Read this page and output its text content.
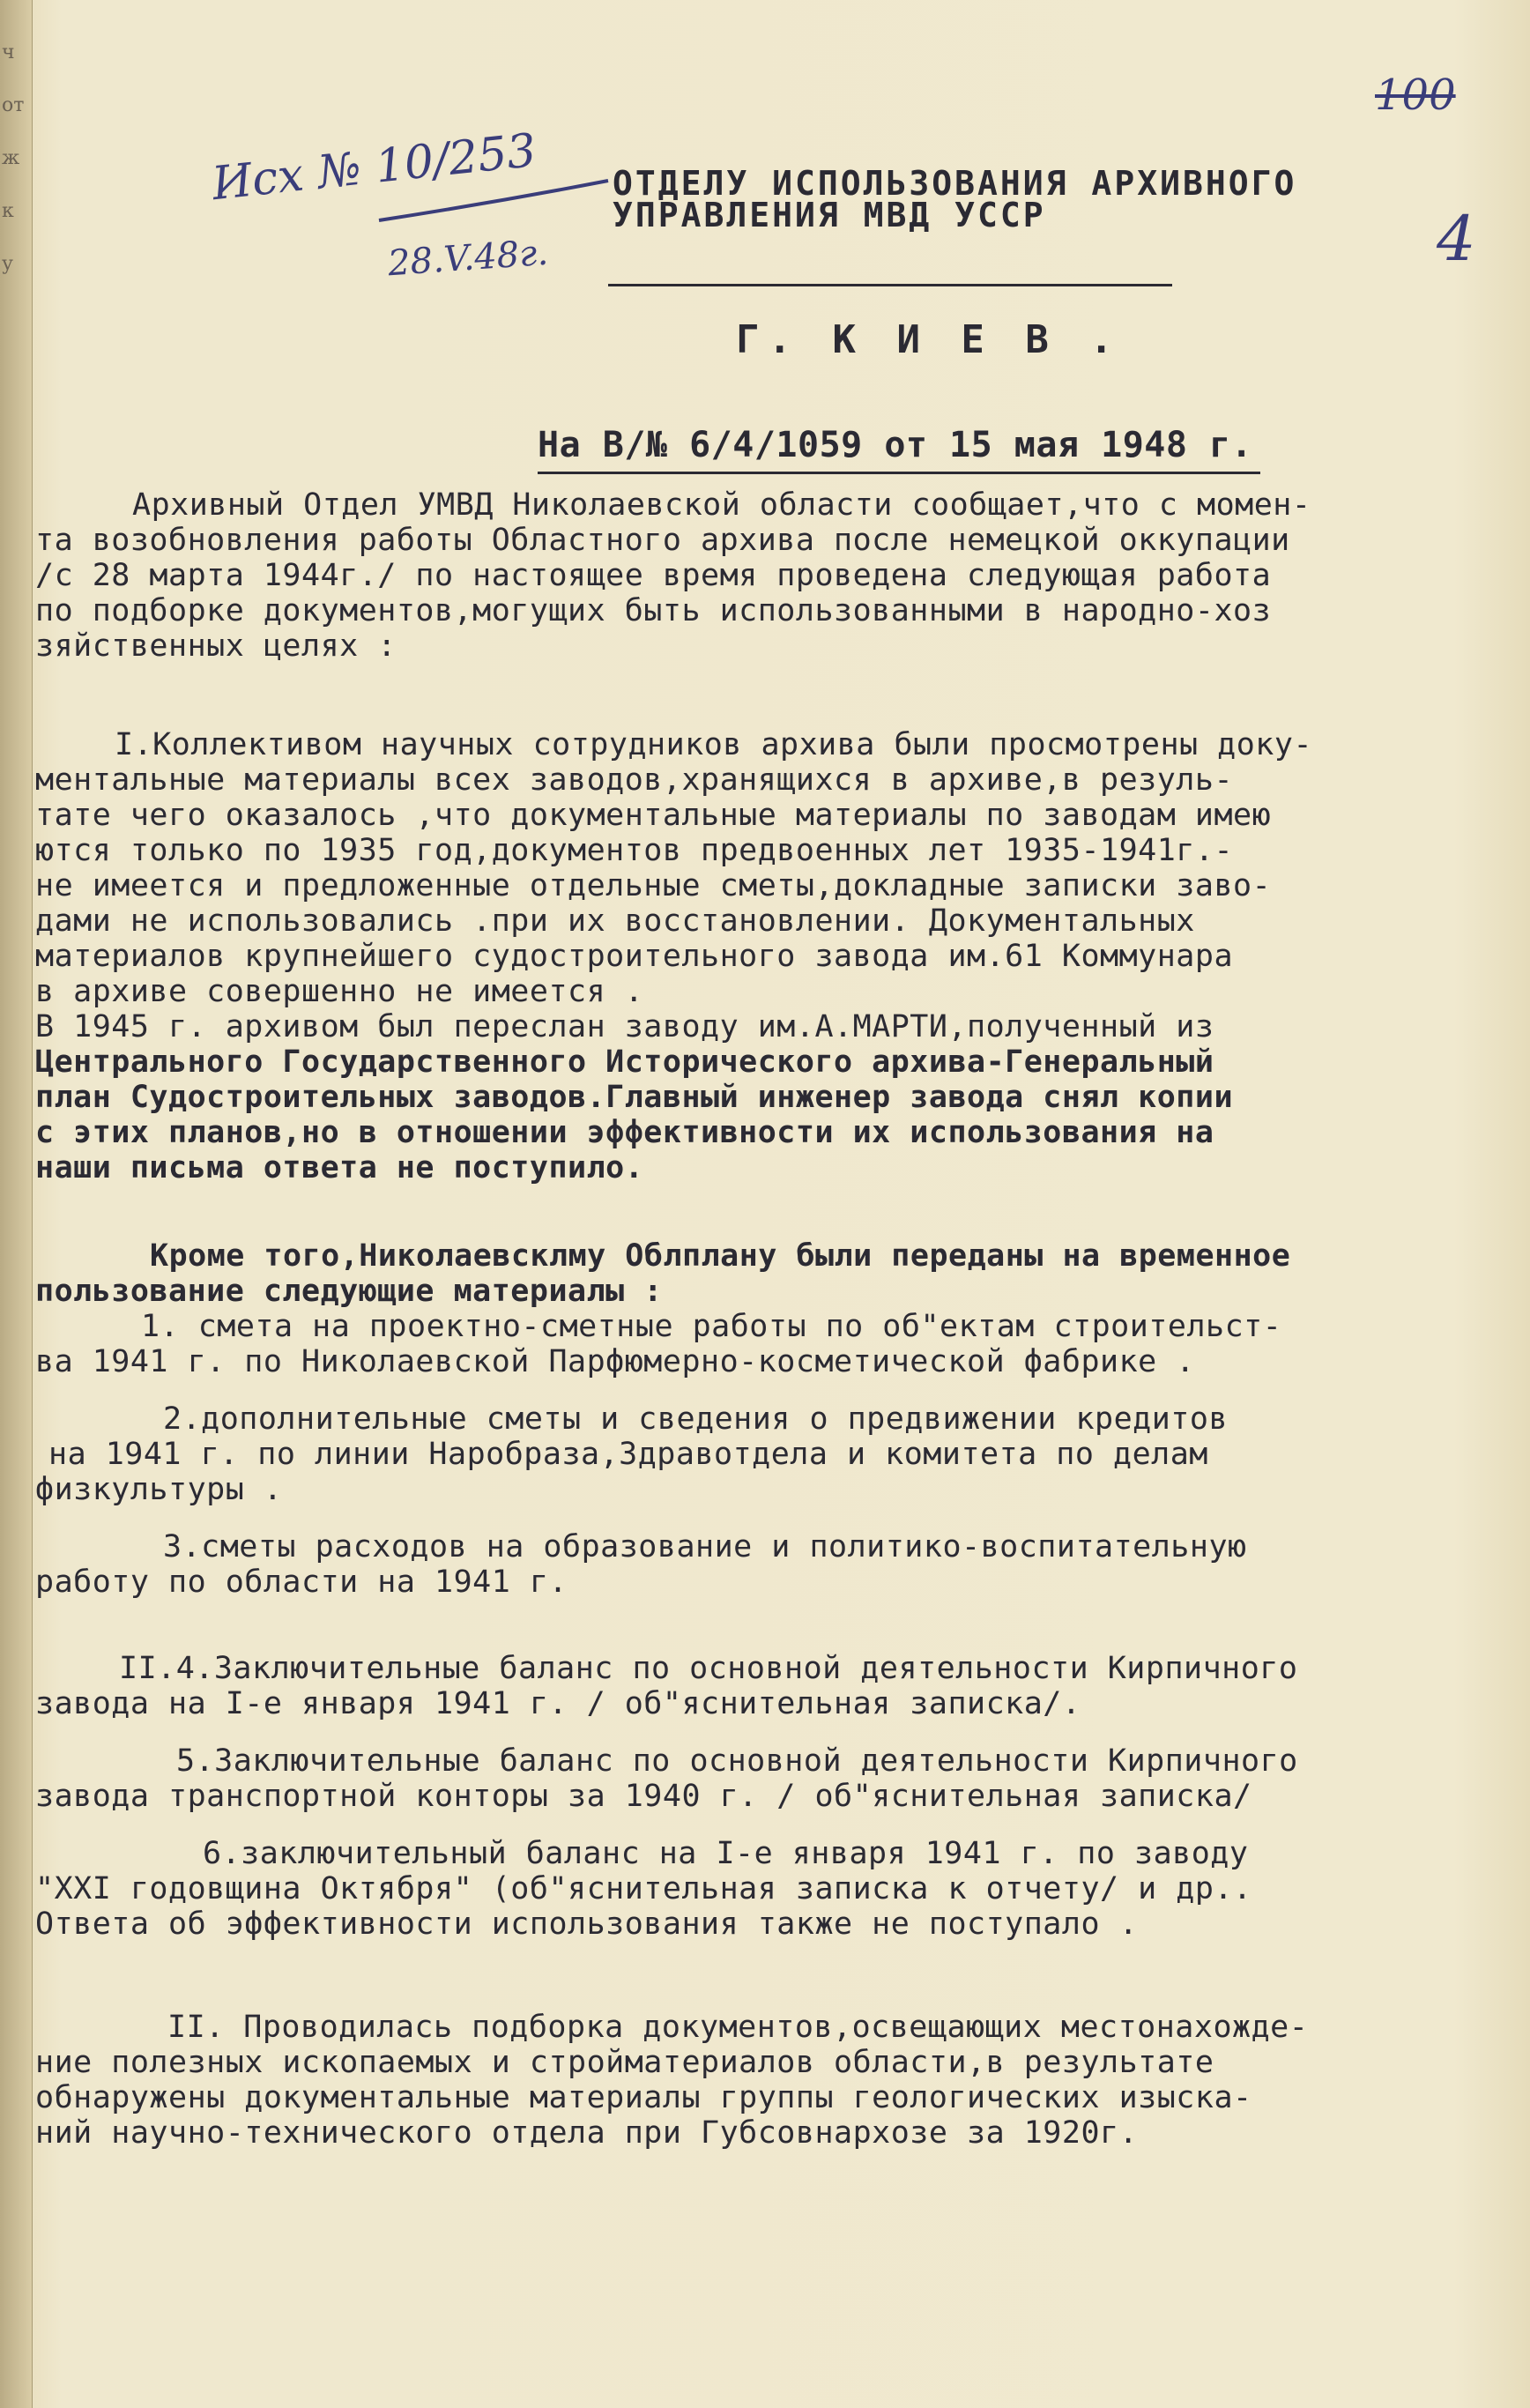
ч
от
ж
к
у
Исх № 10/253
28.V.48г.
100
4
ОТДЕЛУ ИСПОЛЬЗОВАНИЯ АРХИВНОГО
УПРАВЛЕНИЯ МВД УССР
Г. К И Е В .
На В/№ 6/4/1059 от 15 мая 1948 г.
Архивный Отдел УМВД Николаевской области сообщает,что с момен-
та возобновления работы Областного архива после немецкой оккупации
/с 28 марта 1944г./ по настоящее время проведена следующая работа
по подборке документов,могущих быть использованными в народно-хоз
зяйственных целях :
I.Коллективом научных сотрудников архива были просмотрены доку-
ментальные материалы всех заводов,хранящихся в архиве,в резуль-
тате чего оказалось ,что документальные материалы по заводам имею
ются только по 1935 год,документов предвоенных лет 1935-1941г.-
не имеется и предложенные отдельные сметы,докладные записки заво-
дами не использовались .при их восстановлении. Документальных
материалов крупнейшего судостроительного завода им.61 Коммунара
в архиве совершенно не имеется .
В 1945 г. архивом был переслан заводу им.А.МАРТИ,полученный из
Центрального Государственного Исторического архива-Генеральный
план Судостроительных заводов.Главный инженер завода снял копии
с этих планов,но в отношении эффективности их использования на
наши письма ответа не поступило.
Кроме того,Николаевсклму Облплану были переданы на временное
пользование следующие материалы :
1. смета на проектно-сметные работы по об"ектам строительст-
ва 1941 г. по Николаевской Парфюмерно-косметической фабрике .
2.дополнительные сметы и сведения о предвижении кредитов
на 1941 г. по линии Наробраза,Здравотдела и комитета по делам
физкультуры .
3.сметы расходов на образование и политико-воспитательную
работу по области на 1941 г.
II.4.Заключительные баланс по основной деятельности Кирпичного
завода на I-е января 1941 г. / об"яснительная записка/.
5.Заключительные баланс по основной деятельности Кирпичного
завода транспортной конторы за 1940 г. / об"яснительная записка/
6.заключительный баланс на I-е января 1941 г. по заводу
"XXI годовщина Октября" (об"яснительная записка к отчету/ и др..
Ответа об эффективности использования также не поступало .
II. Проводилась подборка документов,освещающих местонахожде-
ние полезных ископаемых и стройматериалов области,в результате
обнаружены документальные материалы группы геологических изыска-
ний научно-технического отдела при Губсовнархозе за 1920г.
